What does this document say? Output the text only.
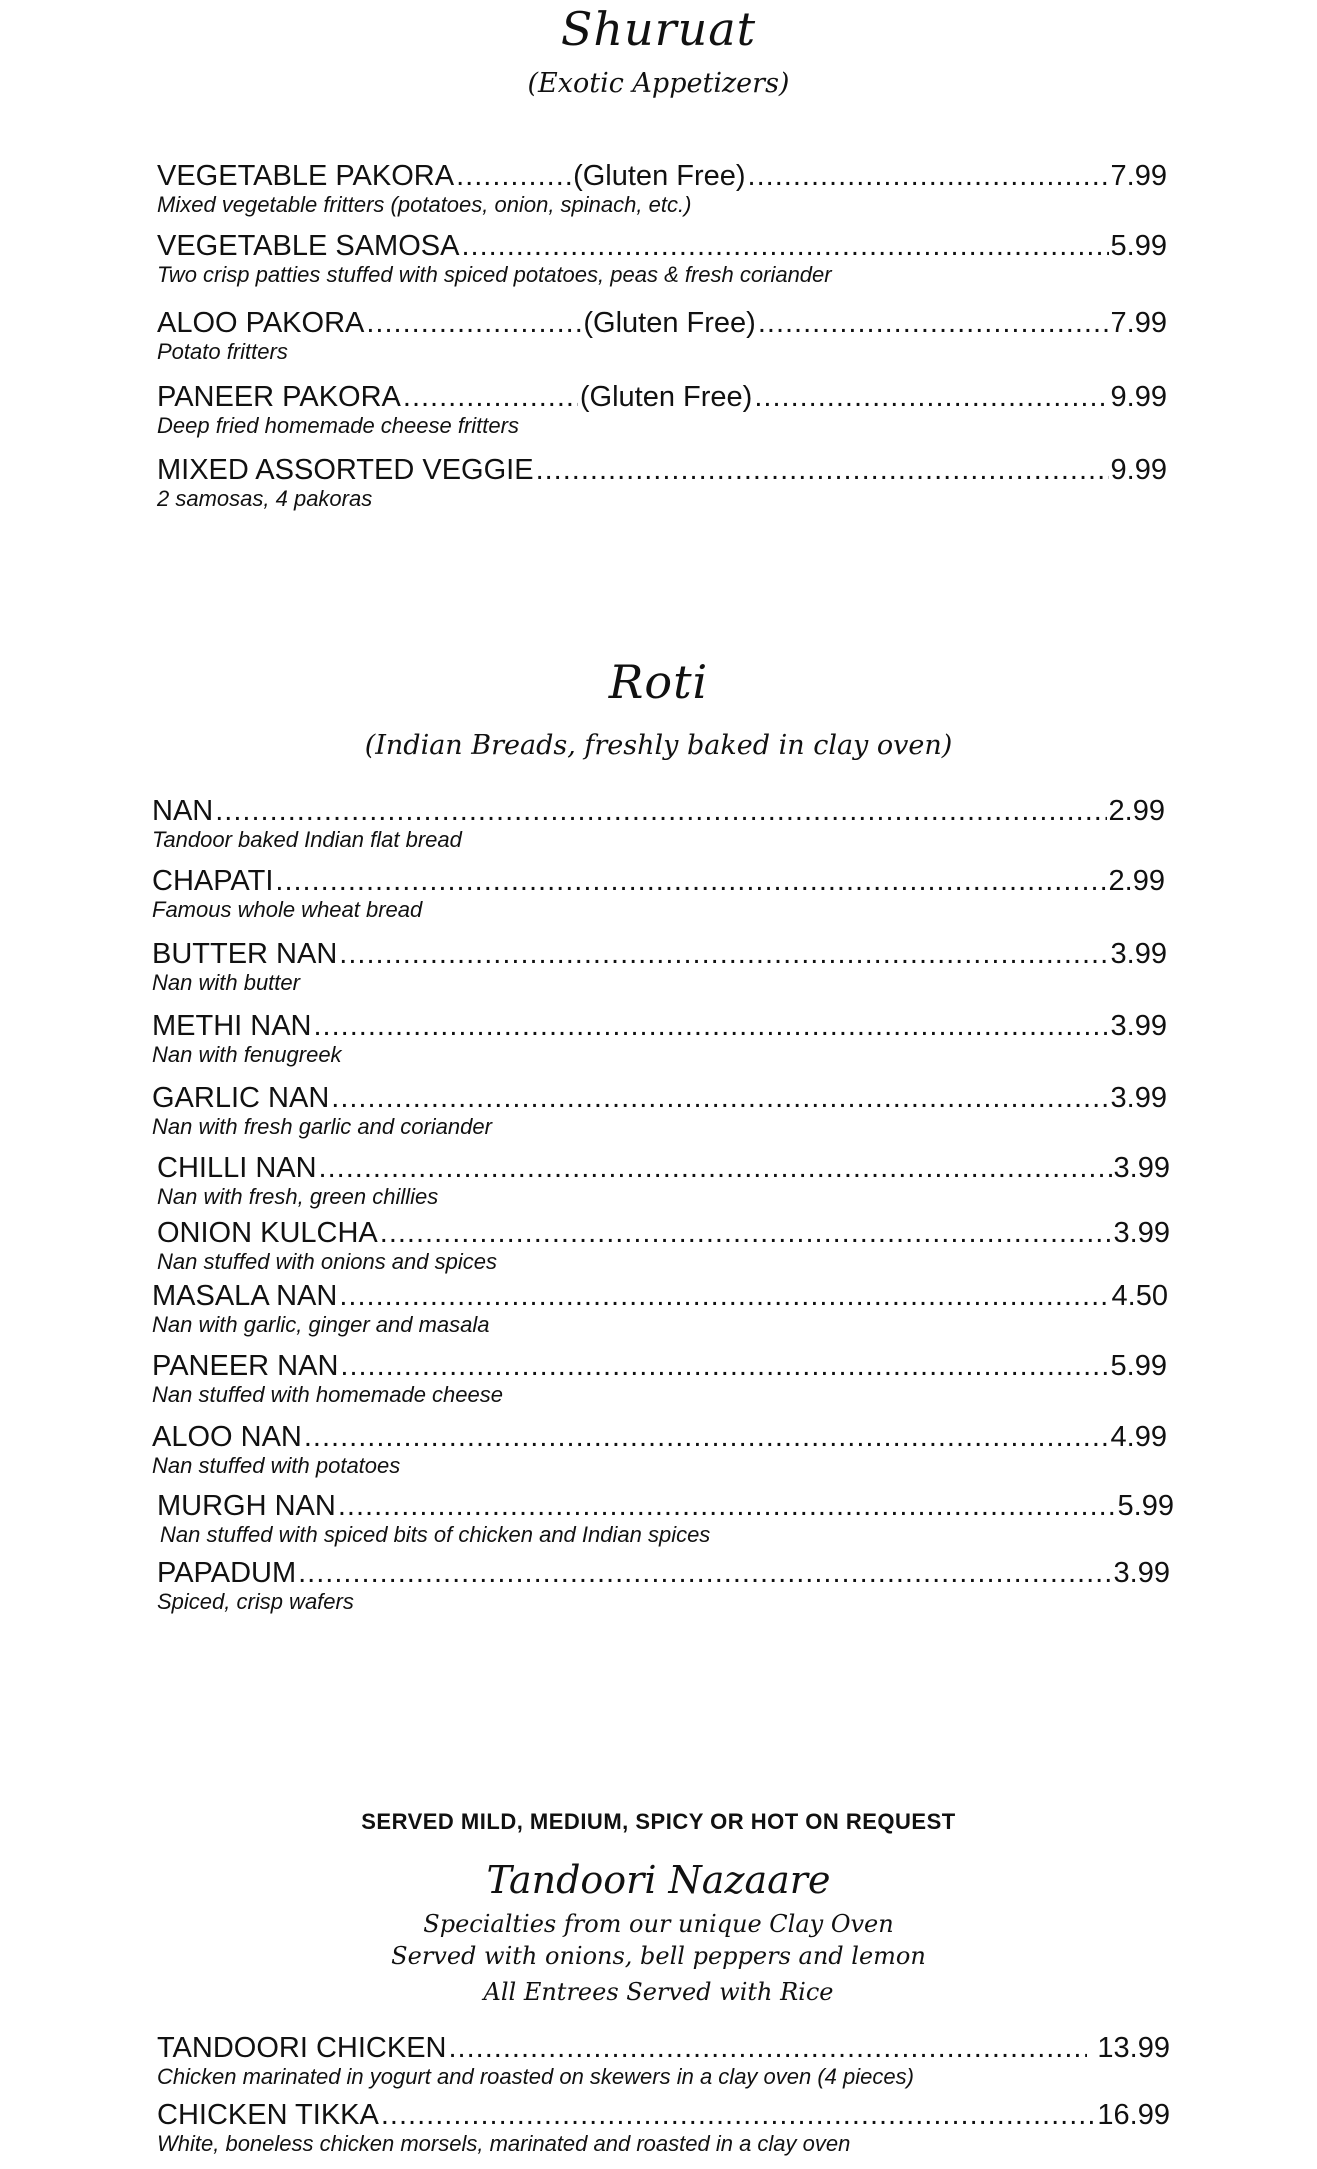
Shuruat
(Exotic Appetizers)
VEGETABLE PAKORA .....	(Gluten Free) .....	7.99
Mixed vegetable fritters (potatoes, onion, spinach, etc.)
VEGETABLE SAMOSA .....	5.99
Two crisp patties stuffed with spiced potatoes, peas & fresh coriander
ALOO PAKORA .....	(Gluten Free) .....	7.99
Potato fritters
PANEER PAKORA .....	(Gluten Free) .....	9.99
Deep fried homemade cheese fritters
MIXED ASSORTED VEGGIE .....	9.99
2 samosas, 4 pakoras
Roti
(Indian Breads, freshly baked in clay oven)
NAN .....	2.99
Tandoor baked Indian flat bread
CHAPATI .....	2.99
Famous whole wheat bread
BUTTER NAN .....	3.99
Nan with butter
METHI NAN .....	3.99
Nan with fenugreek
GARLIC NAN .....	3.99
Nan with fresh garlic and coriander
CHILLI NAN .....	3.99
Nan with fresh, green chillies
ONION KULCHA .....	3.99
Nan stuffed with onions and spices
MASALA NAN .....	4.50
Nan with garlic, ginger and masala
PANEER NAN .....	5.99
Nan stuffed with homemade cheese
ALOO NAN .....	4.99
Nan stuffed with potatoes
MURGH NAN .....	5.99
Nan stuffed with spiced bits of chicken and Indian spices
PAPADUM .....	3.99
Spiced, crisp wafers
SERVED MILD, MEDIUM, SPICY OR HOT ON REQUEST
Tandoori Nazaare
Specialties from our unique Clay Oven
Served with onions, bell peppers and lemon
All Entrees Served with Rice
TANDOORI CHICKEN .....	13.99
Chicken marinated in yogurt and roasted on skewers in a clay oven (4 pieces)
CHICKEN TIKKA .....	16.99
White, boneless chicken morsels, marinated and roasted in a clay oven
